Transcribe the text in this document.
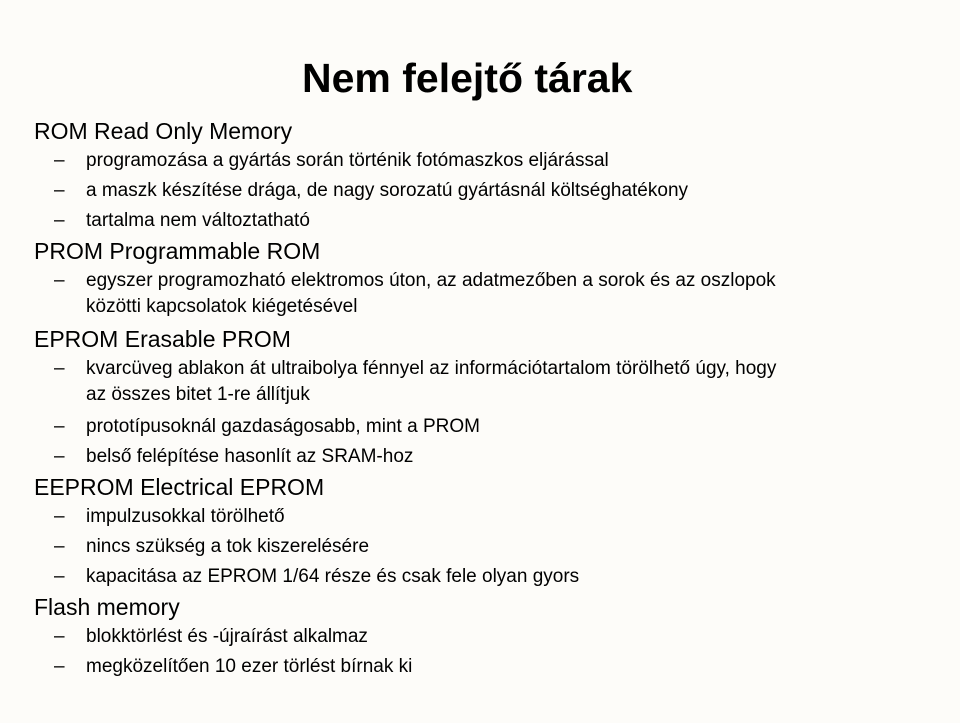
Nem felejtő tárak
ROM Read Only Memory
–	programozása a gyártás során történik fotómaszkos eljárással
–	a maszk készítése drága, de nagy sorozatú gyártásnál költséghatékony
–	tartalma nem változtatható
PROM Programmable ROM
–	egyszer programozható elektromos úton, az adatmezőben a sorok és az oszlopok
közötti kapcsolatok kiégetésével
EPROM Erasable PROM
–	kvarcüveg ablakon át ultraibolya fénnyel az információtartalom törölhető úgy, hogy
az összes bitet 1-re állítjuk
–	prototípusoknál gazdaságosabb, mint a PROM
–	belső felépítése hasonlít az SRAM-hoz
EEPROM Electrical EPROM
–	impulzusokkal törölhető
–	nincs szükség a tok kiszerelésére
–	kapacitása az EPROM 1/64 része és csak fele olyan gyors
Flash memory
–	blokktörlést és -újraírást alkalmaz
–	megközelítően 10 ezer törlést bírnak ki
